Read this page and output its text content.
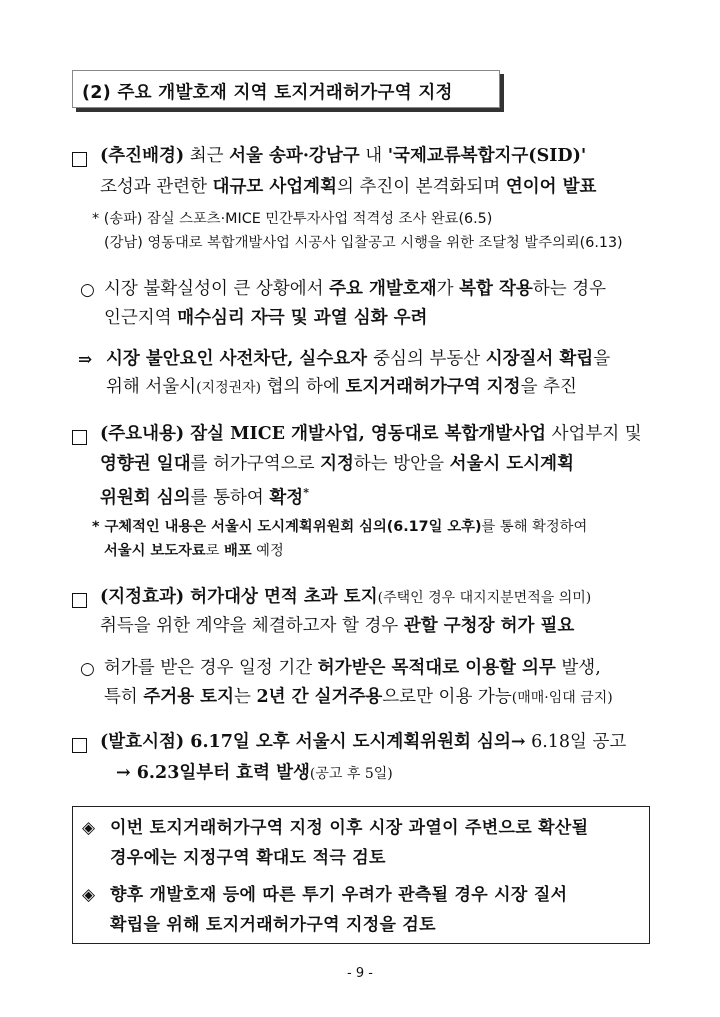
(2) 주요 개발호재 지역 토지거래허가구역 지정
(추진배경) 최근 서울 송파·강남구 내 '국제교류복합지구(SID)'
조성과 관련한 대규모 사업계획의 추진이 본격화되며 연이어 발표
* (송파) 잠실 스포츠·MICE 민간투자사업 적격성 조사 완료(6.5)
(강남) 영동대로 복합개발사업 시공사 입찰공고 시행을 위한 조달청 발주의뢰(6.13)
○ 시장 불확실성이 큰 상황에서 주요 개발호재가 복합 작용하는 경우
인근지역 매수심리 자극 및 과열 심화 우려
⇒ 시장 불안요인 사전차단, 실수요자 중심의 부동산 시장질서 확립을
위해 서울시(지정권자) 협의 하에 토지거래허가구역 지정을 추진
(주요내용) 잠실 MICE 개발사업, 영동대로 복합개발사업 사업부지 및
영향권 일대를 허가구역으로 지정하는 방안을 서울시 도시계획
위원회 심의를 통하여 확정*
* 구체적인 내용은 서울시 도시계획위원회 심의(6.17일 오후)를 통해 확정하여
서울시 보도자료로 배포 예정
(지정효과) 허가대상 면적 초과 토지(주택인 경우 대지지분면적을 의미)
취득을 위한 계약을 체결하고자 할 경우 관할 구청장 허가 필요
○ 허가를 받은 경우 일정 기간 허가받은 목적대로 이용할 의무 발생,
특히 주거용 토지는 2년 간 실거주용으로만 이용 가능(매매·임대 금지)
(발효시점) 6.17일 오후 서울시 도시계획위원회 심의→ 6.18일 공고
→ 6.23일부터 효력 발생(공고 후 5일)
◈ 이번 토지거래허가구역 지정 이후 시장 과열이 주변으로 확산될
경우에는 지정구역 확대도 적극 검토
◈ 향후 개발호재 등에 따른 투기 우려가 관측될 경우 시장 질서
확립을 위해 토지거래허가구역 지정을 검토
- 9 -
